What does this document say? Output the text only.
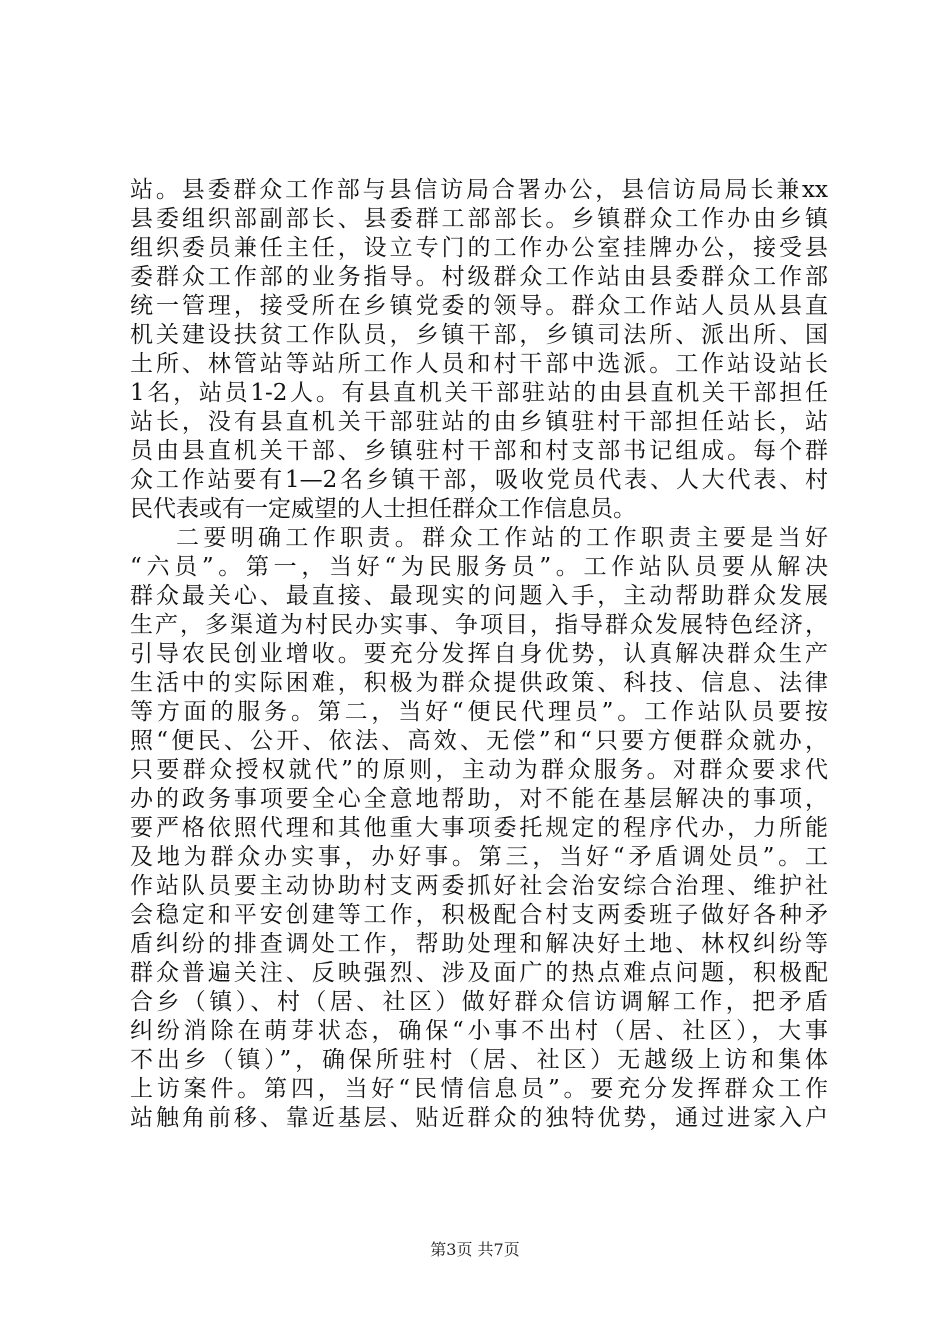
站。县委群众工作部与县信访局合署办公，县信访局局长兼xx
县委组织部副部长、县委群工部部长。乡镇群众工作办由乡镇
组织委员兼任主任，设立专门的工作办公室挂牌办公，接受县
委群众工作部的业务指导。村级群众工作站由县委群众工作部
统一管理，接受所在乡镇党委的领导。群众工作站人员从县直
机关建设扶贫工作队员，乡镇干部，乡镇司法所、派出所、国
土所、林管站等站所工作人员和村干部中选派。工作站设站长
1名，站员1-2人。有县直机关干部驻站的由县直机关干部担任
站长，没有县直机关干部驻站的由乡镇驻村干部担任站长，站
员由县直机关干部、乡镇驻村干部和村支部书记组成。每个群
众工作站要有1—2名乡镇干部，吸收党员代表、人大代表、村
民代表或有一定威望的人士担任群众工作信息员。
二要明确工作职责。群众工作站的工作职责主要是当好
“六员”。第一，当好“为民服务员”。工作站队员要从解决
群众最关心、最直接、最现实的问题入手，主动帮助群众发展
生产，多渠道为村民办实事、争项目，指导群众发展特色经济，
引导农民创业增收。要充分发挥自身优势，认真解决群众生产
生活中的实际困难，积极为群众提供政策、科技、信息、法律
等方面的服务。第二，当好“便民代理员”。工作站队员要按
照“便民、公开、依法、高效、无偿”和“只要方便群众就办，
只要群众授权就代”的原则，主动为群众服务。对群众要求代
办的政务事项要全心全意地帮助，对不能在基层解决的事项，
要严格依照代理和其他重大事项委托规定的程序代办，力所能
及地为群众办实事，办好事。第三，当好“矛盾调处员”。工
作站队员要主动协助村支两委抓好社会治安综合治理、维护社
会稳定和平安创建等工作，积极配合村支两委班子做好各种矛
盾纠纷的排查调处工作，帮助处理和解决好土地、林权纠纷等
群众普遍关注、反映强烈、涉及面广的热点难点问题，积极配
合乡（镇）、村（居、社区）做好群众信访调解工作，把矛盾
纠纷消除在萌芽状态，确保“小事不出村（居、社区），大事
不出乡（镇）”，确保所驻村（居、社区）无越级上访和集体
上访案件。第四，当好“民情信息员”。要充分发挥群众工作
站触角前移、靠近基层、贴近群众的独特优势，通过进家入户
第3页 共7页
